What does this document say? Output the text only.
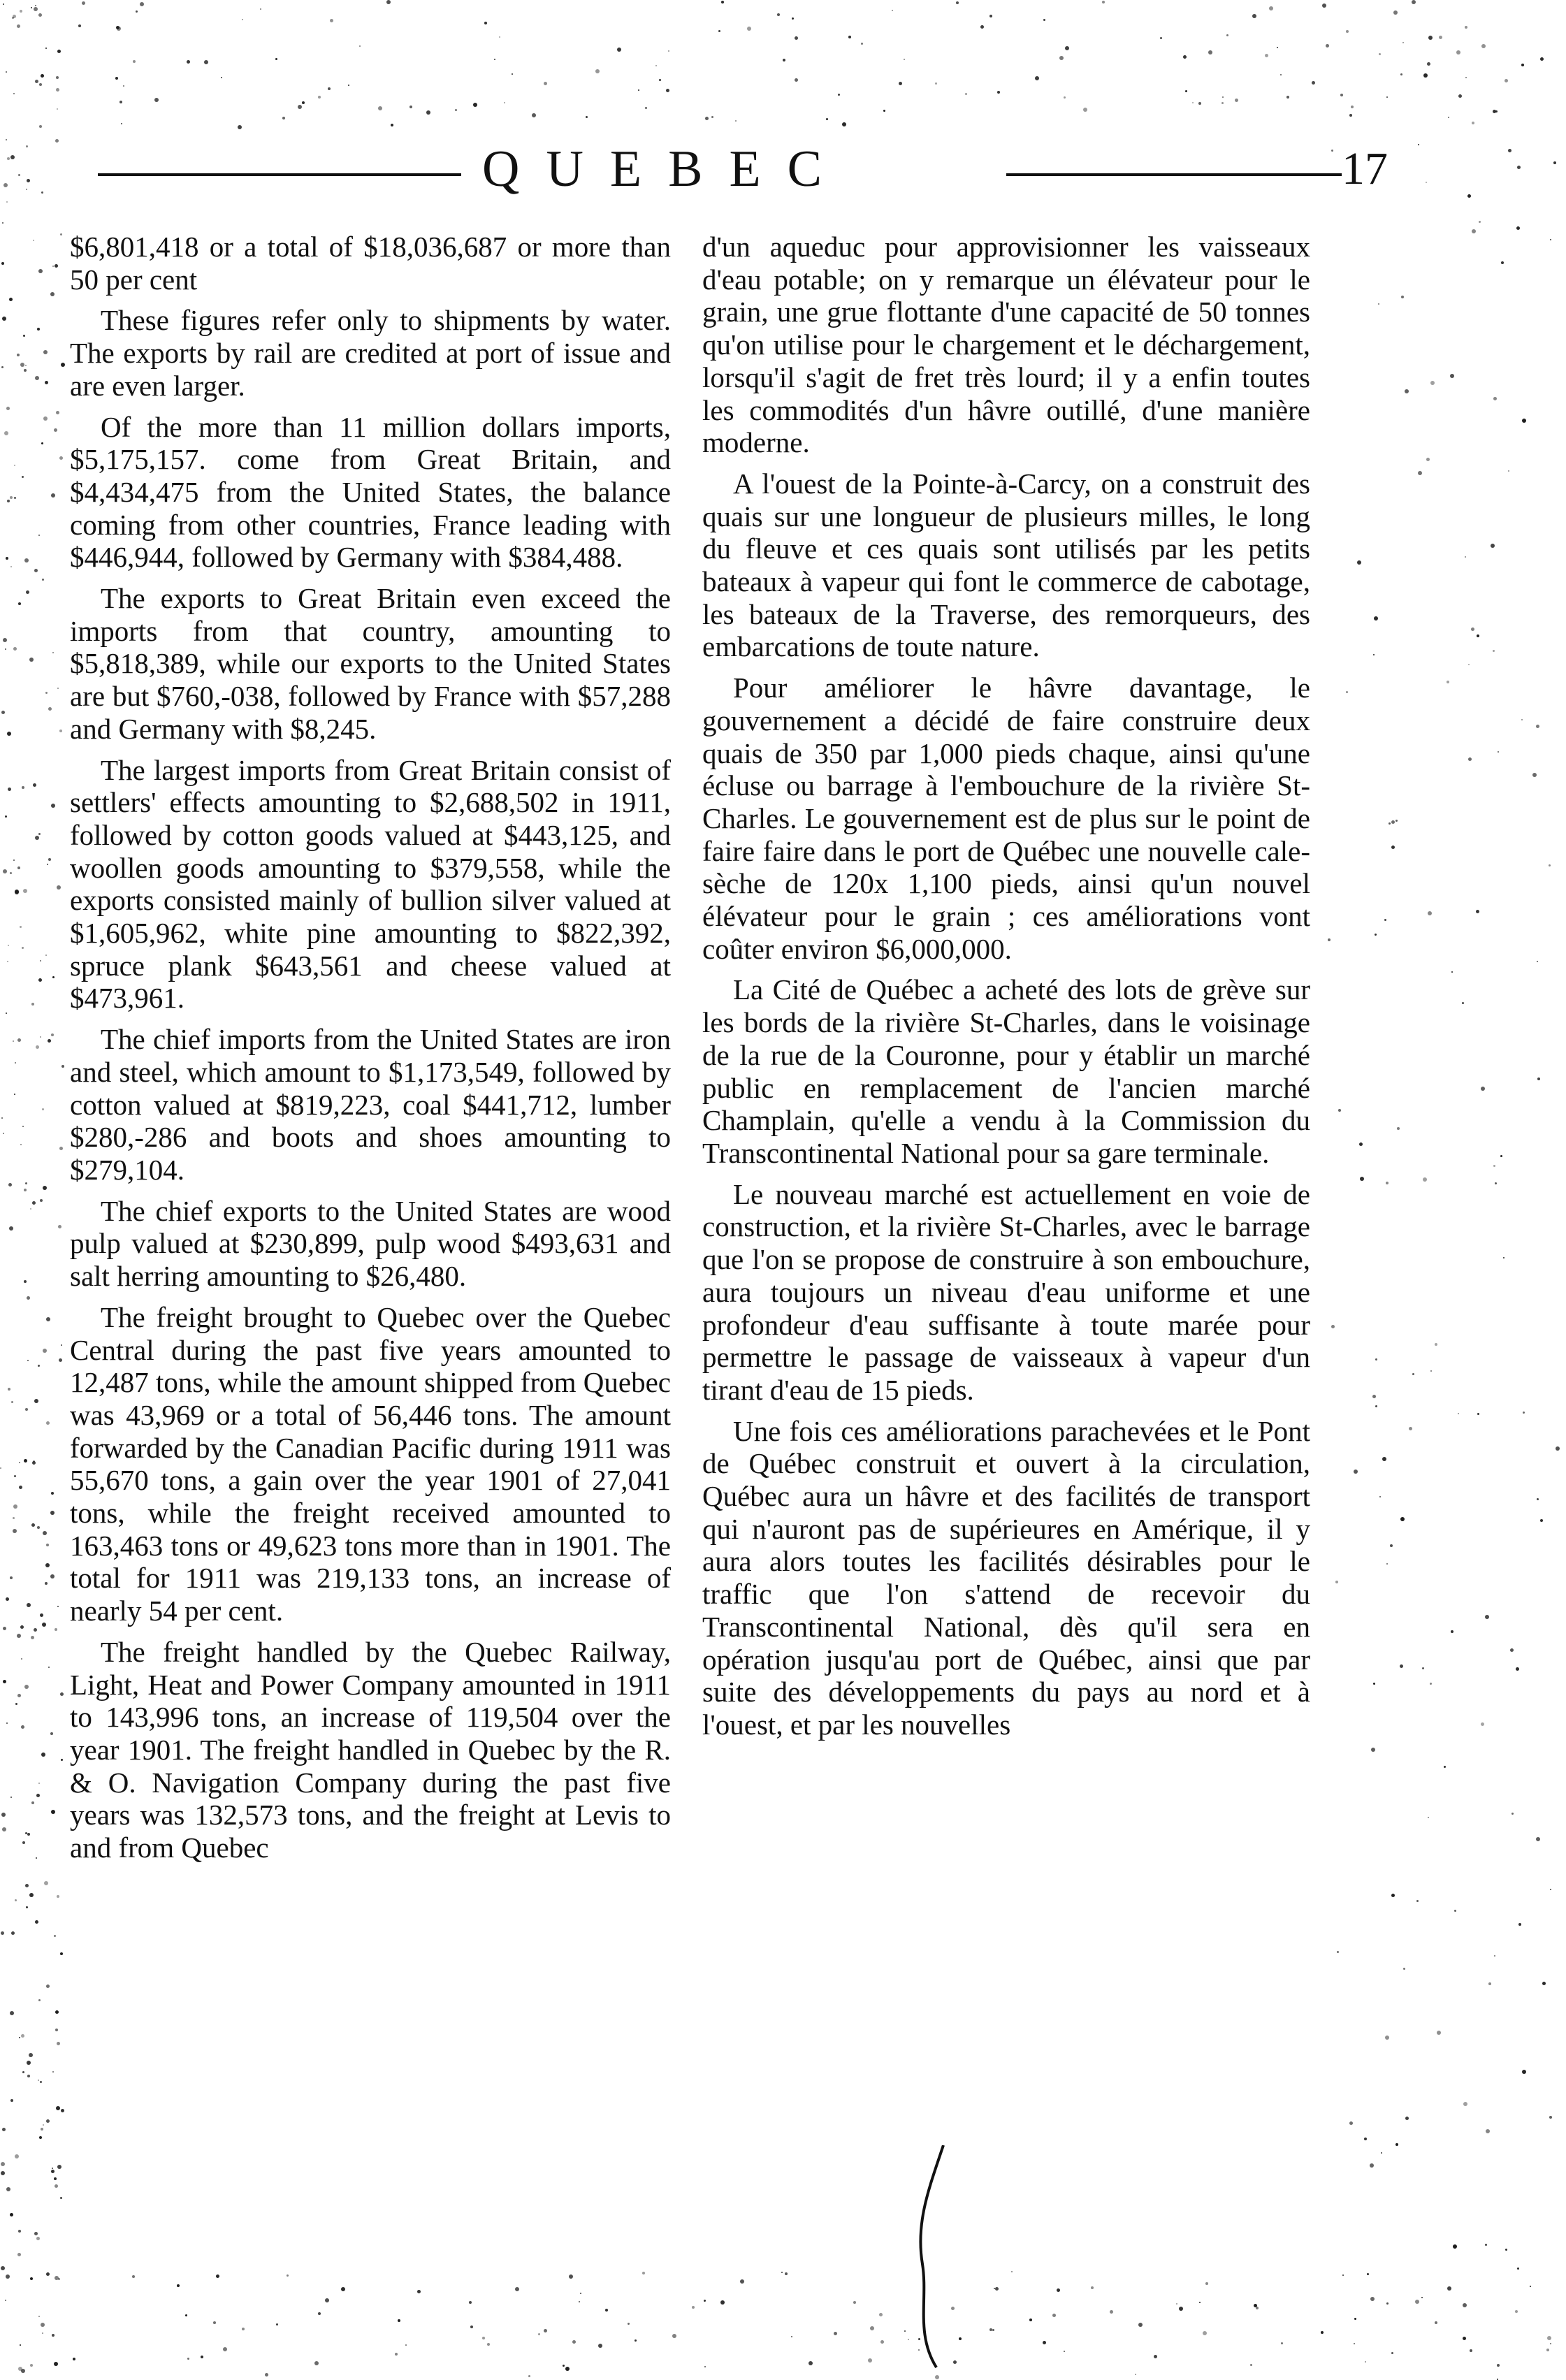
QUEBEC	17

$6,801,418 or a total of $18,036,687 or more than 50 per cent

These figures refer only to shipments by water. The exports by rail are credited at port of issue and are even larger.

Of the more than 11 million dollars imports, $5,175,157. come from Great Britain, and $4,434,475 from the United States, the balance coming from other countries, France leading with $446,944, followed by Germany with $384,488.

The exports to Great Britain even exceed the imports from that country, amounting to $5,818,389, while our exports to the United States are but $760,-038, followed by France with $57,288 and Germany with $8,245.

The largest imports from Great Britain consist of settlers' effects amounting to $2,688,502 in 1911, followed by cotton goods valued at $443,125, and woollen goods amounting to $379,558, while the exports consisted mainly of bullion silver valued at $1,605,962, white pine amounting to $822,392, spruce plank $643,561 and cheese valued at $473,961.

The chief imports from the United States are iron and steel, which amount to $1,173,549, followed by cotton valued at $819,223, coal $441,712, lumber $280,-286 and boots and shoes amounting to $279,104.

The chief exports to the United States are wood pulp valued at $230,899, pulp wood $493,631 and salt herring amounting to $26,480.

The freight brought to Quebec over the Quebec Central during the past five years amounted to 12,487 tons, while the amount shipped from Quebec was 43,969 or a total of 56,446 tons. The amount forwarded by the Canadian Pacific during 1911 was 55,670 tons, a gain over the year 1901 of 27,041 tons, while the freight received amounted to 163,463 tons or 49,623 tons more than in 1901. The total for 1911 was 219,133 tons, an increase of nearly 54 per cent.

The freight handled by the Quebec Railway, Light, Heat and Power Company amounted in 1911 to 143,996 tons, an increase of 119,504 over the year 1901. The freight handled in Quebec by the R. & O. Navigation Company during the past five years was 132,573 tons, and the freight at Levis to and from Quebec

d'un aqueduc pour approvisionner les vaisseaux d'eau potable; on y remarque un élévateur pour le grain, une grue flottante d'une capacité de 50 tonnes qu'on utilise pour le chargement et le déchargement, lorsqu'il s'agit de fret très lourd; il y a enfin toutes les commodités d'un hâvre outillé, d'une manière moderne.

A l'ouest de la Pointe-à-Carcy, on a construit des quais sur une longueur de plusieurs milles, le long du fleuve et ces quais sont utilisés par les petits bateaux à vapeur qui font le commerce de cabotage, les bateaux de la Traverse, des remorqueurs, des embarcations de toute nature.

Pour améliorer le hâvre davantage, le gouvernement a décidé de faire construire deux quais de 350 par 1,000 pieds chaque, ainsi qu'une écluse ou barrage à l'embouchure de la rivière St-Charles. Le gouvernement est de plus sur le point de faire faire dans le port de Québec une nouvelle cale-sèche de 120x 1,100 pieds, ainsi qu'un nouvel élévateur pour le grain ; ces améliorations vont coûter environ $6,000,000.

La Cité de Québec a acheté des lots de grève sur les bords de la rivière St-Charles, dans le voisinage de la rue de la Couronne, pour y établir un marché public en remplacement de l'ancien marché Champlain, qu'elle a vendu à la Commission du Transcontinental National pour sa gare terminale.

Le nouveau marché est actuellement en voie de construction, et la rivière St-Charles, avec le barrage que l'on se propose de construire à son embouchure, aura toujours un niveau d'eau uniforme et une profondeur d'eau suffisante à toute marée pour permettre le passage de vaisseaux à vapeur d'un tirant d'eau de 15 pieds.

Une fois ces améliorations parachevées et le Pont de Québec construit et ouvert à la circulation, Québec aura un hâvre et des facilités de transport qui n'auront pas de supérieures en Amérique, il y aura alors toutes les facilités désirables pour le traffic que l'on s'attend de recevoir du Transcontinental National, dès qu'il sera en opération jusqu'au port de Québec, ainsi que par suite des développements du pays au nord et à l'ouest, et par les nouvelles
